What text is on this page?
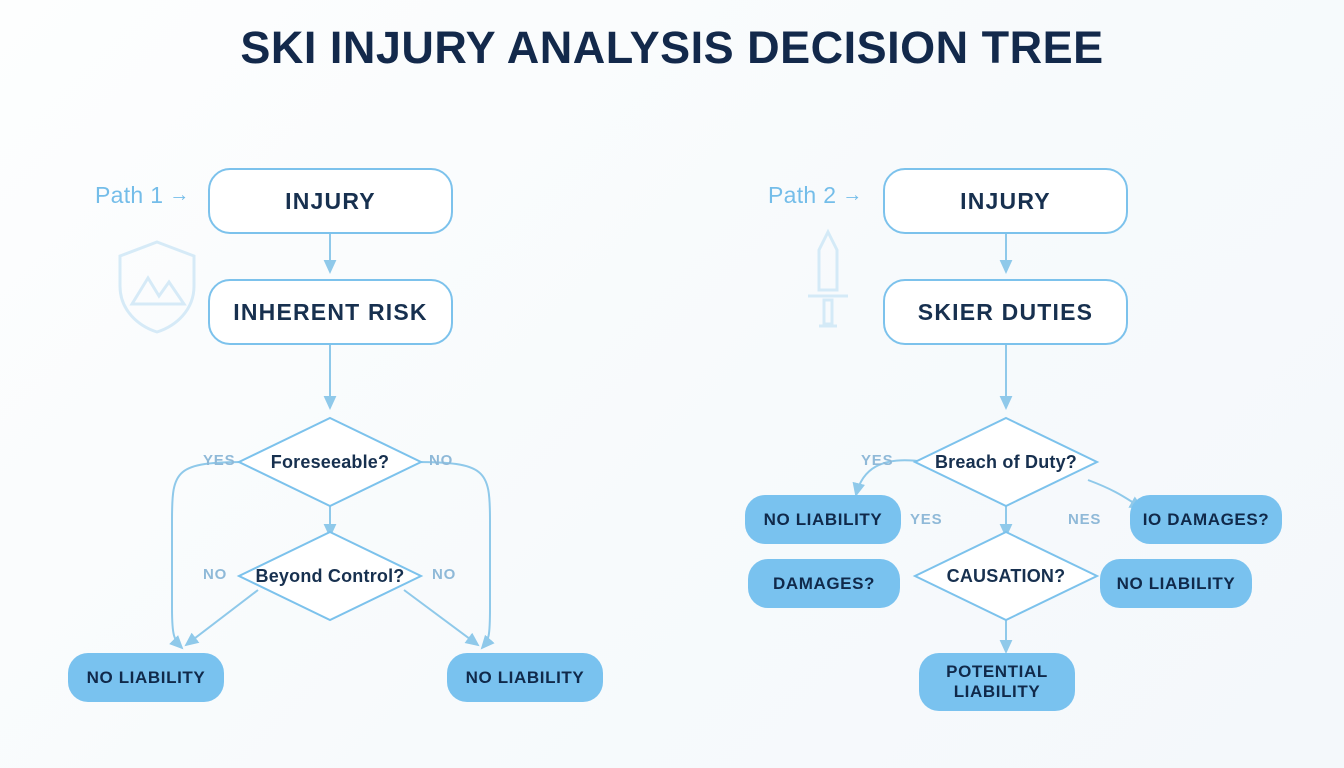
SKI INJURY ANALYSIS DECISION TREE
Path 1 →	Path 2 →
INJURY
INHERENT RISK
Foreseeable?
Beyond Control?
NO LIABILITY	NO LIABILITY
YES	NO
NO	NO
INJURY
SKIER DUTIES
Breach of Duty?
CAUSATION?
NO LIABILITY
DAMAGES?
IO DAMAGES?
NO LIABILITY
POTENTIAL LIABILITY
YES
YES	NES
